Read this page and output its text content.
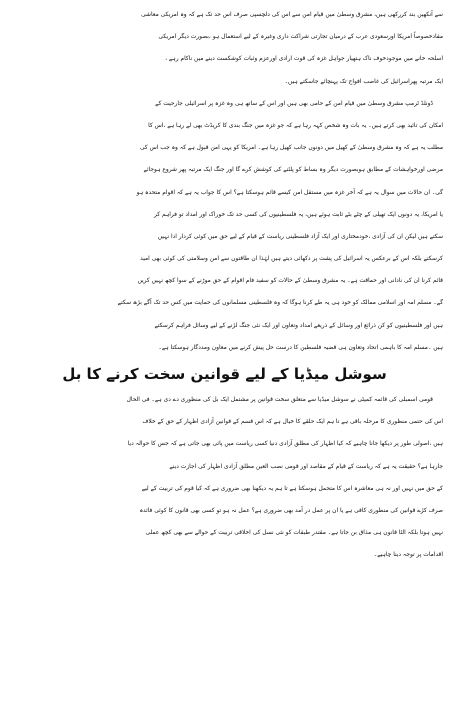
سے آنکھیں بند کررکھی ہیں، مشرق وسطیٰ میں قیام امن سے اس کی دلچسپی صرف اس حد تک ہے کہ وہ امریکی معاشی
مفادخصوصاً امریکا اورسعودی عرب کے درمیان تجارتی شراکت داری وغیرہ کے لیے استعمال ہو ،بصورت دیگر امریکی
اسلحہ خانے میں موجودخوف ناک ہتھیار جواہل غزہ کی قوت ارادی اورعزم وثبات کوشکست دینے میں ناکام رہے ،
ایک مرتبہ پھراسرائیل کی غاصب افواج تک پہنچائے جاسکتے ہیں۔
ڈونلڈ ٹرمپ مشرق وسطیٰ میں قیام امن کے حامی بھی ہیں اور اس کے ساتھ ہی وہ غزہ پر اسرائیلی جارحیت کے
امکان کی تائید بھی کرتے ہیں۔ یہ بات وہ شخص کہہ رہا ہے کہ جو غزہ میں جنگ بندی کا کریڈٹ بھی لے رہا ہے ،اس کا
مطلب یہ ہے کہ وہ مشرق وسطیٰ کے کھیل میں دونوں جانب کھیل رہا ہے۔ امریکا کو یہی امن قبول ہے کہ وہ جب اس کی
مرضی اورخواہشات کے مطابق ہوبصورت دیگر وہ بساط کو پلٹنے کی کوشش کرے گا اور جنگ ایک مرتبہ پھر شروع ہوجائے
گی۔ ان حالات میں سوال یہ ہے کہ آخر غزہ میں مستقل امن کیسے قائم ہوسکتا ہے؟ اس کا جواب یہ ہے کہ اقوام متحدہ ہو
یا امریکا، یہ دونوں ایک تھیلی کے چٹے بٹے ثابت ہوئے ہیں، یہ فلسطینیوں کی کسی حد تک خوراک اور امداد تو فراہم کر
سکتے ہیں لیکن ان کی آزادی ،خودمختاری اور ایک آزاد فلسطینی ریاست کے قیام کے لیے حق میں کوئی کردار ادا نہیں
کرسکتے بلکہ اس کے برعکس یہ اسرائیل کی پشت پر دکھائی دیتے ہیں لہٰذا ان طاقتوں سے امن وسلامتی کی کوئی بھی امید
قائم کرنا ان کی نادانی اور حماقت ہے۔ یہ مشرق وسطیٰ کے حالات کو سفید فام اقوام کے حق موڑنے کے سوا کچھ نہیں کریں
گے۔ مسلم امہ اور اسلامی ممالک کو خود ہی یہ طے کرنا ہوگا کہ وہ فلسطینی مسلمانوں کی حمایت میں کس حد تک آگے بڑھ سکتے
ہیں اور فلسطینیوں کو کن ذرائع اور وسائل کے ذریعے امداد وتعاون اور ایک نئی جنگ لڑنے کے لیے وسائل فراہم کرسکتے
ہیں ۔مسلم امہ کا باہمی اتحاد وتعاون ہی قضیہ فلسطین کا درست حل پیش کرنے میں معاون ومددگار ہوسکتا ہے۔
سوشل میڈیا کے لیے قوانین سخت کرنے کا بل
قومی اسمبلی کی قائمہ کمیٹی نے سوشل میڈیا سے متعلق سخت قوانین پر مشتمل ایک بل کی منظوری دے دی ہے۔ فی الحال
اس کی حتمی منظوری کا مرحلہ باقی ہے تا ہم ایک حلقے کا خیال ہے کہ اس قسم کے قوانین آزادی اظہار کے حق کے خلاف
ہیں ،اصولی طور پر دیکھا جانا چاہیے کہ کیا اظہار کی مطلق آزادی دنیا کسی ریاست میں پائی بھی جاتی ہے کہ جس کا حوالہ دیا
جارہا ہے؟ حقیقت یہ ہے کہ ریاست کے قیام کے مقاصد اور قومی نصب العین مطلق آزادی اظہار کی اجازت دینے
کے حق میں نہیں اور نہ ہی معاشرہ اس کا متحمل ہوسکتا ہے تا ہم یہ دیکھنا بھی ضروری ہے کہ کیا قوم کی تربیت کے لیے
صرف کڑے قوانین کی منظوری کافی ہے یا ان پر عمل در آمد بھی ضروری ہے؟ عمل نہ ہو تو کسی بھی قانون کا کوئی فائدہ
نہیں ہوتا بلکہ الٹا قانون ہی مذاق بن جاتا ہے۔ مقتدر طبقات کو نئی نسل کی اخلاقی تربیت کے حوالے سے بھی کچھ عملی
اقدامات پر توجہ دینا چاہیے۔
